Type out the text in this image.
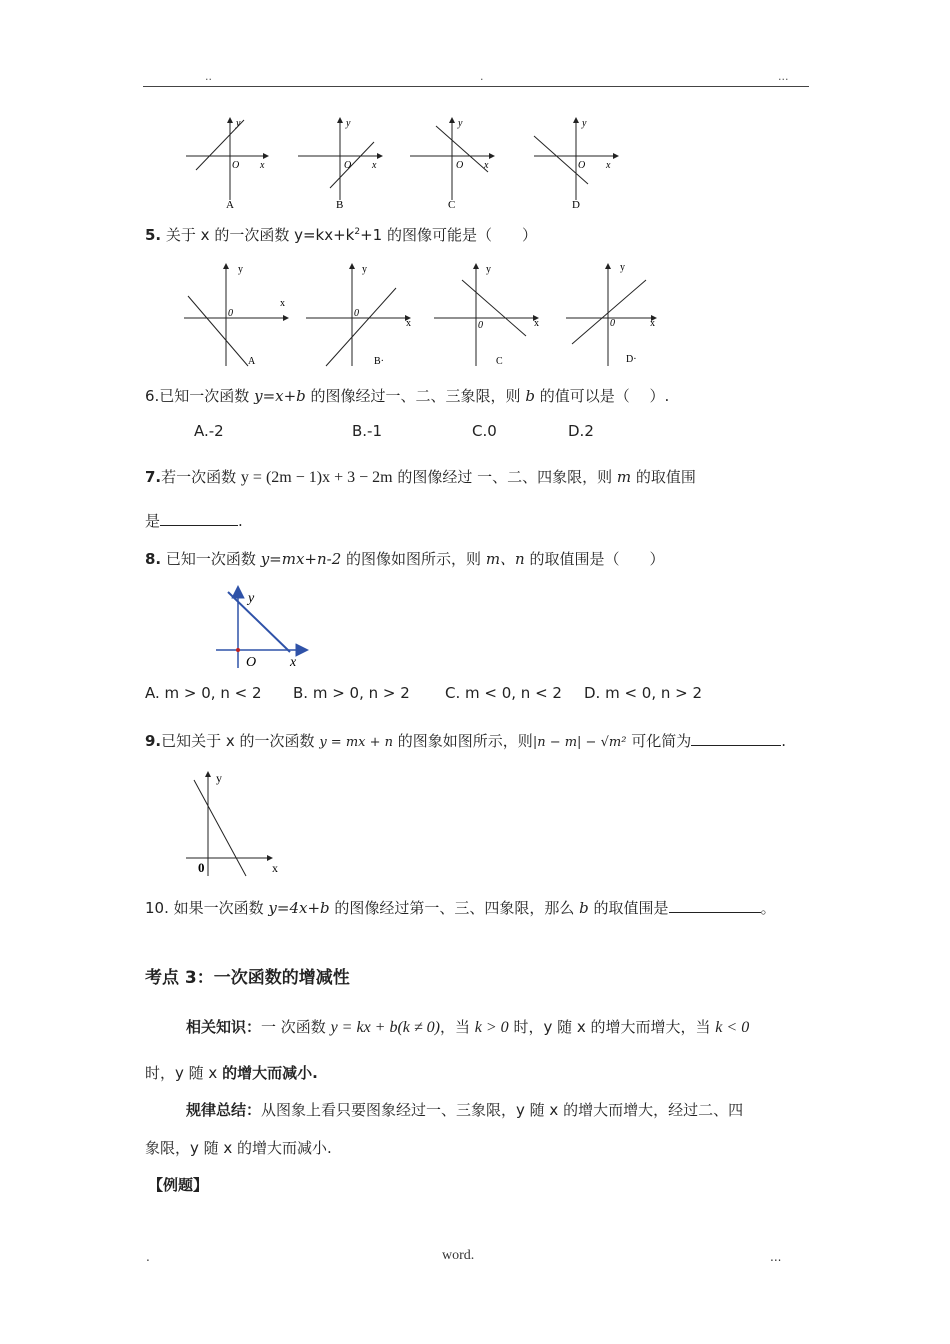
..	.	...
y
x
O
A
y
x
O
B
y
x
O
C
y
x
O
D
5. 关于 x 的一次函数 $y=kx+k^2+1$ 的图像可能是（　　）
y
x
0
A
y
x
0
B·
y
x
0
C
y
x
0
D·
6.已知一次函数 y=x+b 的图像经过一、二、三象限，则 b 的值可以是（　 ）.
A.-2	B.-1	C.0	D.2
7.若一次函数 y = (2m − 1)x + 3 − 2m 的图像经过 一、二、四象限，则 m 的取值围
是	.
8. 已知一次函数 y=mx+n-2 的图像如图所示，则 m、n 的取值围是（　　）
y
x
O
A. m > 0, n < 2 B. m > 0, n > 2 C. m < 0, n < 2 D. m < 0, n > 2
9.已知关于 x 的一次函数 y = mx + n 的图象如图所示，则|n − m| − √m² 可化简为	.
y
x
0
10. 如果一次函数 y=4x+b 的图像经过第一、三、四象限，那么 b 的取值围是	。
考点 3：一次函数的增减性
相关知识：一 次函数 y = kx + b(k ≠ 0)，当 k > 0 时，y 随 x 的增大而增大，当 k < 0
时，y 随 x 的增大而减小.
规律总结：从图象上看只要图象经过一、三象限，y 随 x 的增大而增大，经过二、四
象限，y 随 x 的增大而减小.
【例题】
.	word.	...
